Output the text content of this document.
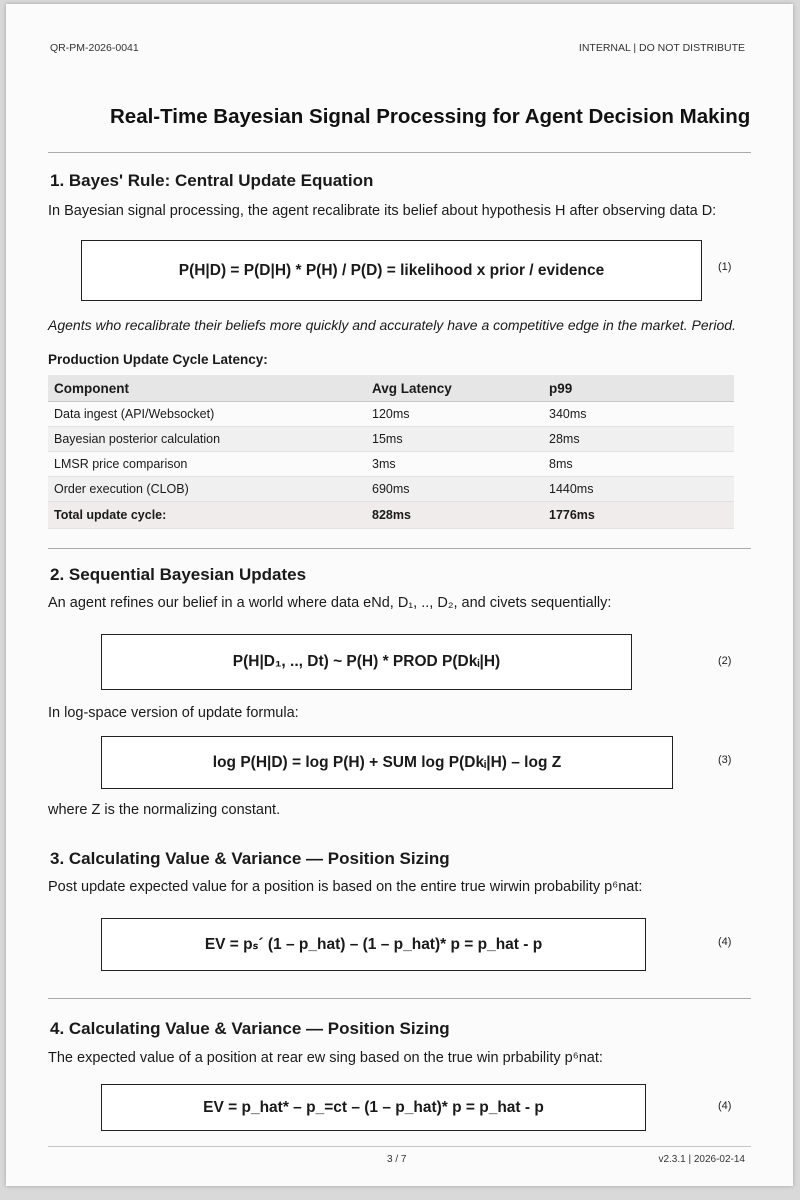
QR-PM-2026-0041	INTERNAL | DO NOT DISTRIBUTE
Real-Time Bayesian Signal Processing for Agent Decision Making
1. Bayes' Rule: Central Update Equation
In Bayesian signal processing, the agent recalibrate its belief about hypothesis H after observing data D:
P(H|D) = P(D|H) * P(H) / P(D) = likelihood x prior / evidence	(1)
Agents who recalibrate their beliefs more quickly and accurately have a competitive edge in the market. Period.
Production Update Cycle Latency:
Component	Avg Latency	p99
Data ingest (API/Websocket)	120ms	340ms
Bayesian posterior calculation	15ms	28ms
LMSR price comparison	3ms	8ms
Order execution (CLOB)	690ms	1440ms
Total update cycle:	828ms	1776ms
2. Sequential Bayesian Updates
An agent refines our belief in a world where data eNd, D₁, .., D₂, and civets sequentially:
P(H|D₁, .., Dt) ~ P(H) * PROD P(Dkᵢ|H)	(2)
In log-space version of update formula:
log P(H|D) = log P(H) + SUM log P(Dkᵢ|H) – log Z	(3)
where Z is the normalizing constant.
3. Calculating Value & Variance — Position Sizing
Post update expected value for a position is based on the entire true wirwin probability p⁶nat:
EV = pₛ´ (1 – p_hat) – (1 – p_hat)* p = p_hat - p	(4)
4. Calculating Value & Variance — Position Sizing
The expected value of a position at rear ew sing based on the true win prbability p⁶nat:
EV = p_hat* – p_=ct – (1 – p_hat)* p = p_hat - p	(4)
3 / 7	v2.3.1 | 2026-02-14
